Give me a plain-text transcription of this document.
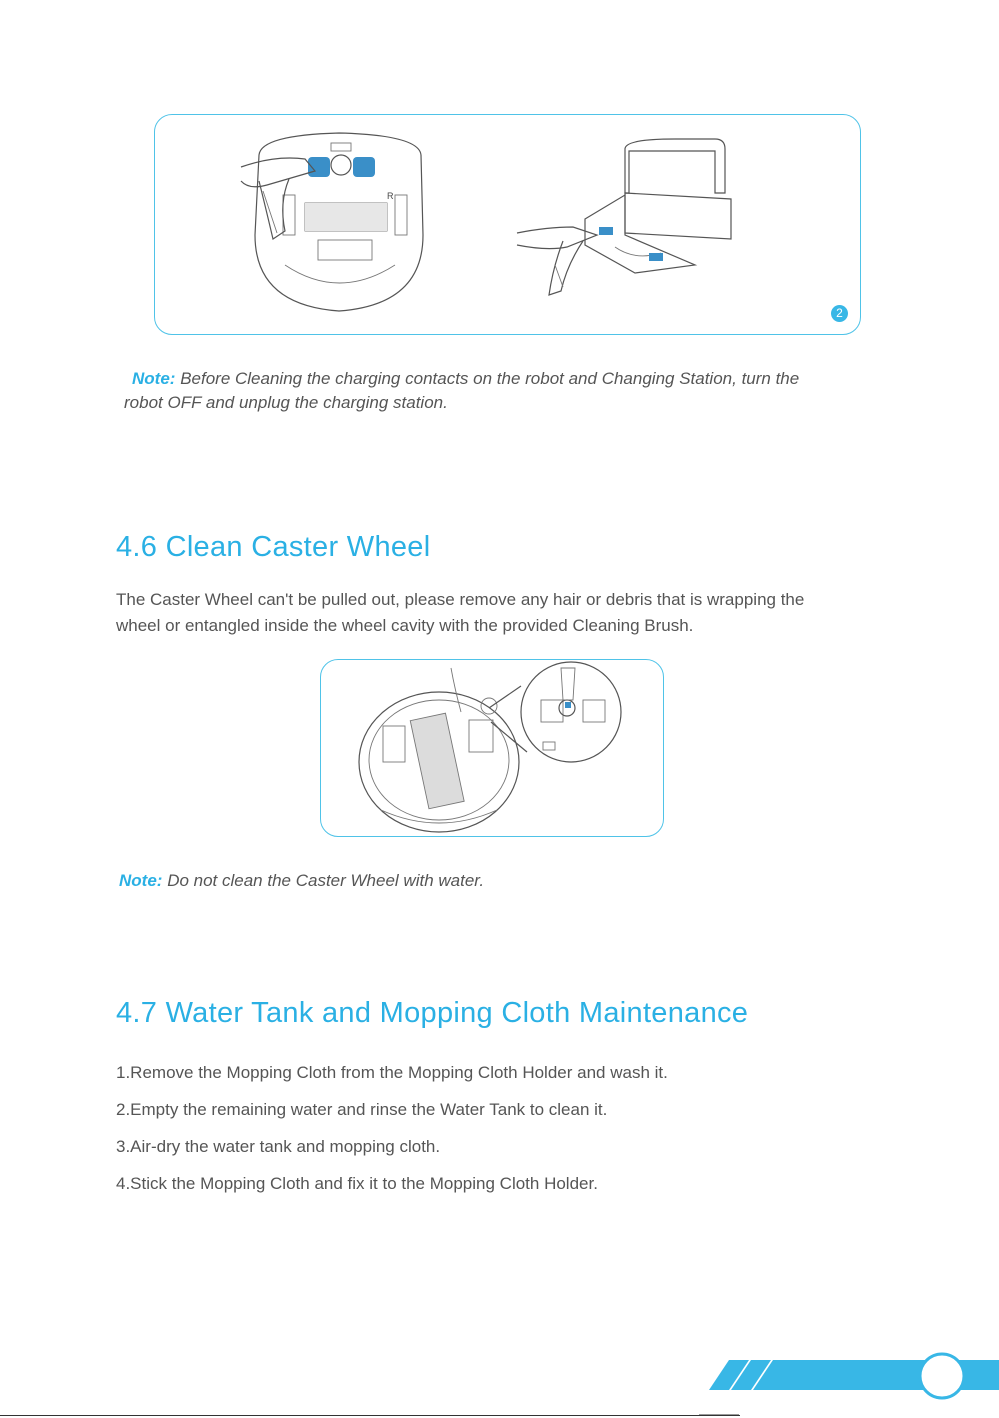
R
2
Note: Before Cleaning the charging contacts on the robot and Changing Station, turn the
robot OFF and unplug the charging station.
4.6 Clean Caster Wheel
The Caster Wheel can't be pulled out, please remove any hair or debris that is wrapping the
wheel or entangled inside the wheel cavity with the provided Cleaning Brush.
Note: Do not clean the Caster Wheel with water.
4.7 Water Tank and Mopping Cloth Maintenance
1.Remove the Mopping Cloth from the Mopping Cloth Holder and wash it.
2.Empty the remaining water and rinse the Water Tank to clean it.
3.Air-dry the water tank and mopping cloth.
4.Stick the Mopping Cloth and fix it to the Mopping Cloth Holder.
